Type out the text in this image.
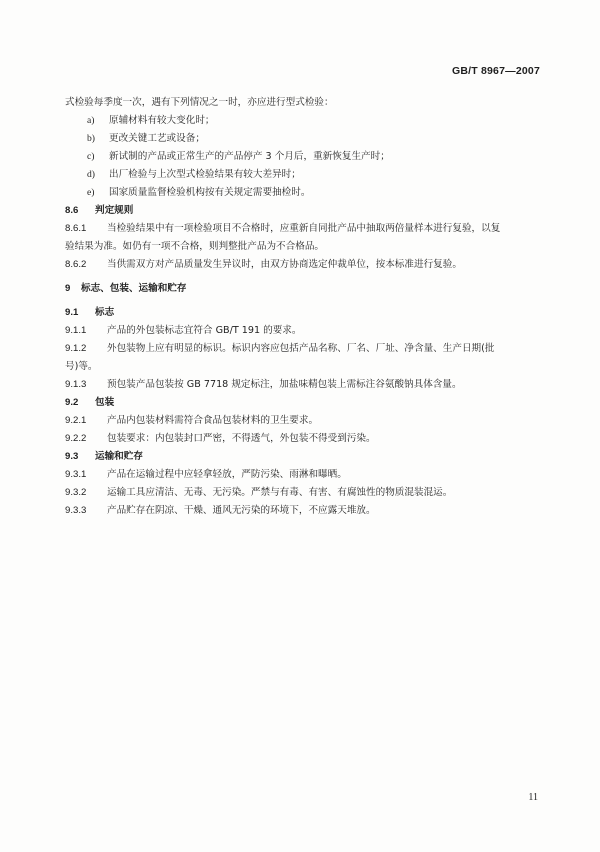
GB/T 8967—2007
式检验每季度一次，遇有下列情况之一时，亦应进行型式检验：
a) 原辅材料有较大变化时；
b) 更改关键工艺或设备；
c) 新试制的产品或正常生产的产品停产 3 个月后，重新恢复生产时；
d) 出厂检验与上次型式检验结果有较大差异时；
e) 国家质量监督检验机构按有关规定需要抽检时。
8.6 判定规则
8.6.1 当检验结果中有一项检验项目不合格时，应重新自同批产品中抽取两倍量样本进行复验，以复
验结果为准。如仍有一项不合格，则判整批产品为不合格品。
8.6.2 当供需双方对产品质量发生异议时，由双方协商选定仲裁单位，按本标准进行复验。
9 标志、包装、运输和贮存
9.1 标志
9.1.1 产品的外包装标志宜符合 GB/T 191 的要求。
9.1.2 外包装物上应有明显的标识。标识内容应包括产品名称、厂名、厂址、净含量、生产日期(批
号)等。
9.1.3 预包装产品包装按 GB 7718 规定标注，加盐味精包装上需标注谷氨酸钠具体含量。
9.2 包装
9.2.1 产品内包装材料需符合食品包装材料的卫生要求。
9.2.2 包装要求：内包装封口严密，不得透气，外包装不得受到污染。
9.3 运输和贮存
9.3.1 产品在运输过程中应轻拿轻放，严防污染、雨淋和曝晒。
9.3.2 运输工具应清洁、无毒、无污染。严禁与有毒、有害、有腐蚀性的物质混装混运。
9.3.3 产品贮存在阴凉、干燥、通风无污染的环境下，不应露天堆放。
11
